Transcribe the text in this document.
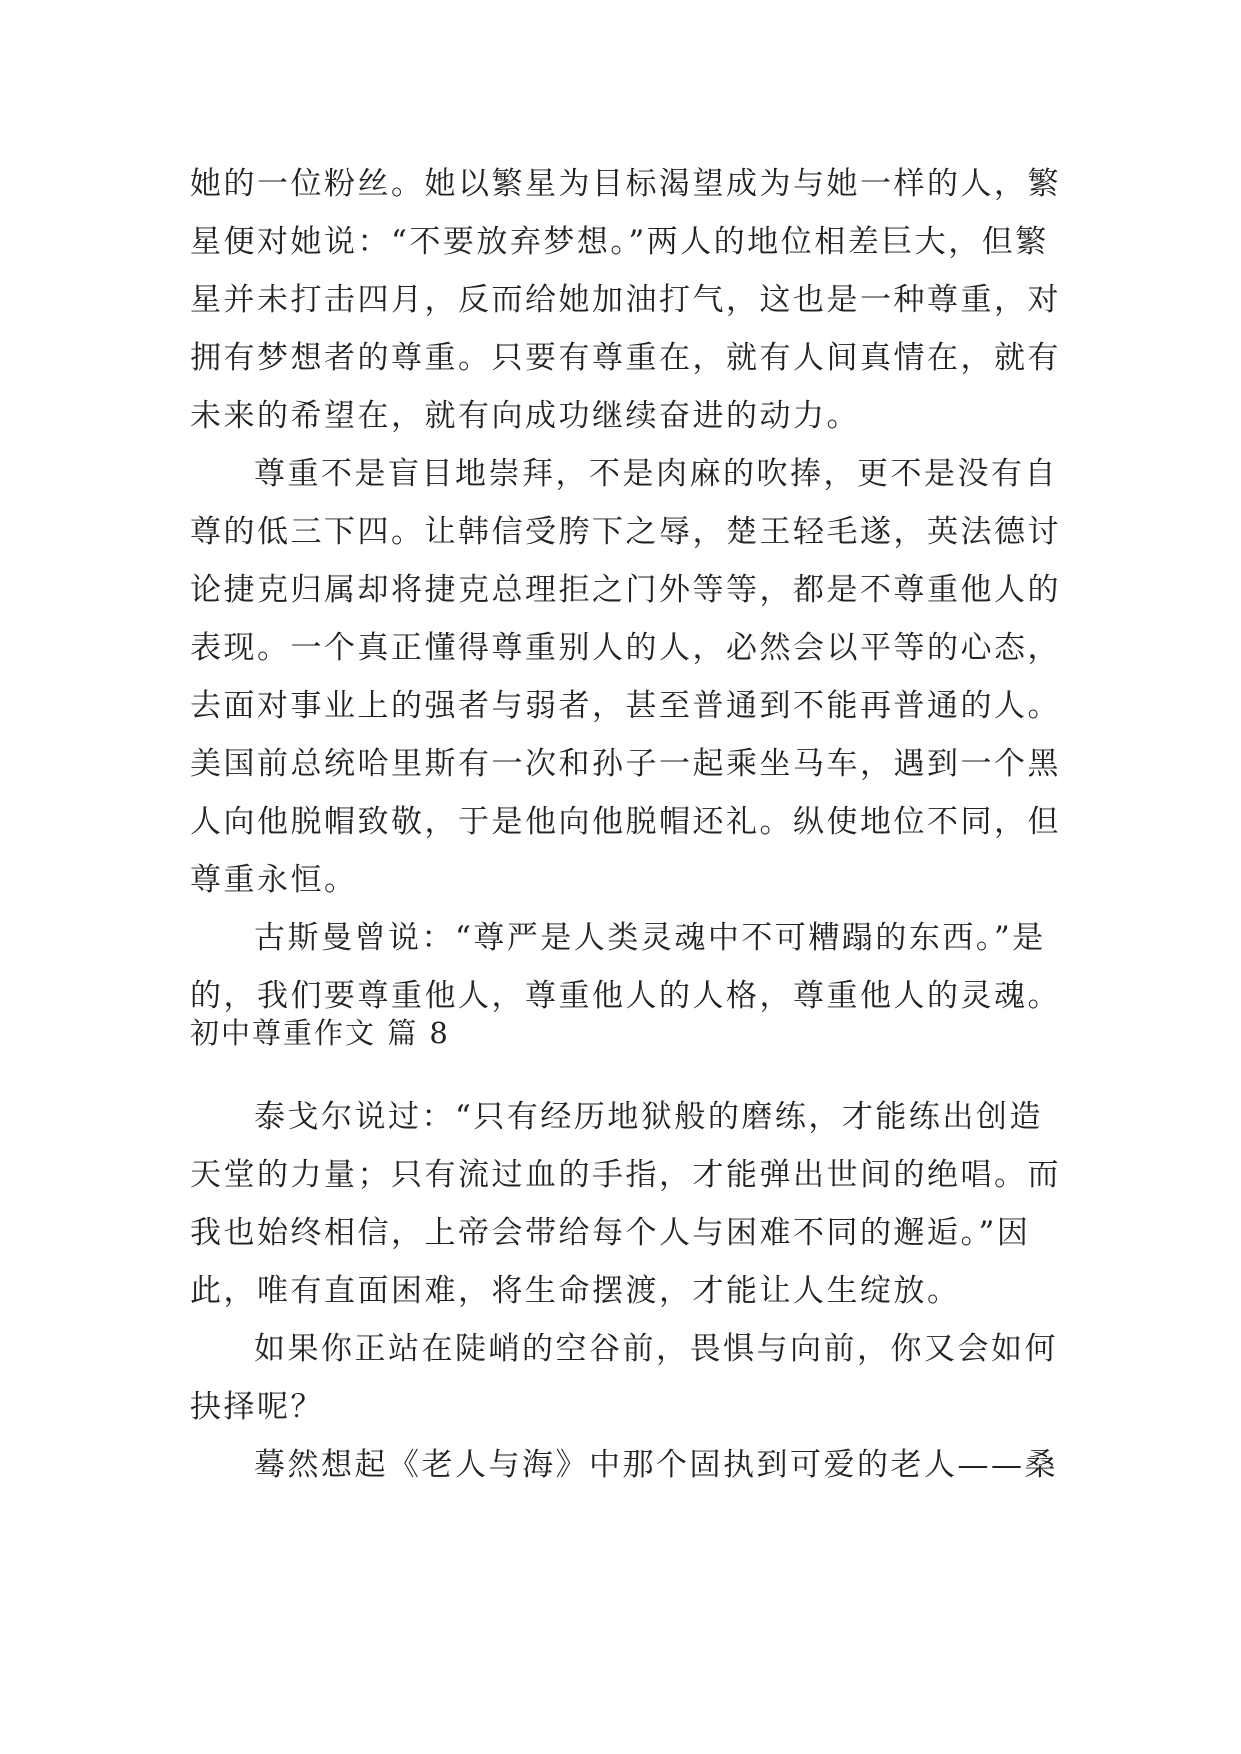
她的一位粉丝。她以繁星为目标渴望成为与她一样的人，繁
星便对她说：“不要放弃梦想。”两人的地位相差巨大，但繁
星并未打击四月，反而给她加油打气，这也是一种尊重，对
拥有梦想者的尊重。只要有尊重在，就有人间真情在，就有
未来的希望在，就有向成功继续奋进的动力。
尊重不是盲目地崇拜，不是肉麻的吹捧，更不是没有自
尊的低三下四。让韩信受胯下之辱，楚王轻毛遂，英法德讨
论捷克归属却将捷克总理拒之门外等等，都是不尊重他人的
表现。一个真正懂得尊重别人的人，必然会以平等的心态，
去面对事业上的强者与弱者，甚至普通到不能再普通的人。
美国前总统哈里斯有一次和孙子一起乘坐马车，遇到一个黑
人向他脱帽致敬，于是他向他脱帽还礼。纵使地位不同，但
尊重永恒。
古斯曼曾说：“尊严是人类灵魂中不可糟蹋的东西。”是
的，我们要尊重他人，尊重他人的人格，尊重他人的灵魂。
初中尊重作文 篇 8
泰戈尔说过：“只有经历地狱般的磨练，才能练出创造
天堂的力量；只有流过血的手指，才能弹出世间的绝唱。而
我也始终相信，上帝会带给每个人与困难不同的邂逅。”因
此，唯有直面困难，将生命摆渡，才能让人生绽放。
如果你正站在陡峭的空谷前，畏惧与向前，你又会如何
抉择呢？
蓦然想起《老人与海》中那个固执到可爱的老人——桑
